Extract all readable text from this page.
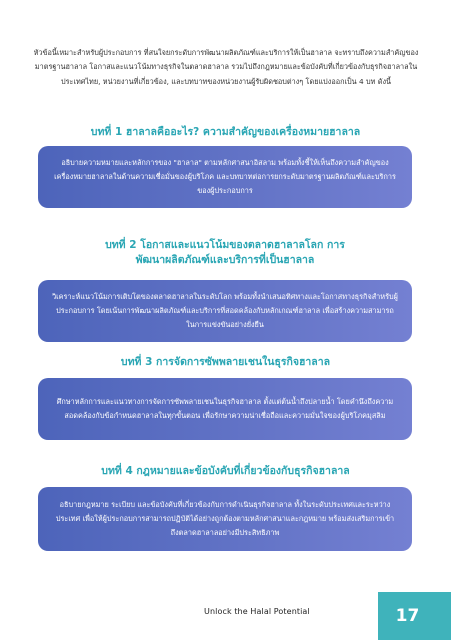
หัวข้อนี้เหมาะสำหรับผู้ประกอบการ ที่สนใจยกระดับการพัฒนาผลิตภัณฑ์และบริการให้เป็นฮาลาล จะทราบถึงความสำคัญของมาตรฐานฮาลาล โอกาสและแนวโน้มทางธุรกิจในตลาดฮาลาล รวมไปถึงกฎหมายและข้อบังคับที่เกี่ยวข้องกับธุรกิจฮาลาลในประเทศไทย, หน่วยงานที่เกี่ยวข้อง, และบทบาทของหน่วยงานผู้รับผิดชอบต่างๆ โดยแบ่งออกเป็น 4 บท ดังนี้

บทที่ 1 ฮาลาลคืออะไร? ความสำคัญของเครื่องหมายฮาลาล

อธิบายความหมายและหลักการของ "ฮาลาล" ตามหลักศาสนาอิสลาม พร้อมทั้งชี้ให้เห็นถึงความสำคัญของเครื่องหมายฮาลาลในด้านความเชื่อมั่นของผู้บริโภค และบทบาทต่อการยกระดับมาตรฐานผลิตภัณฑ์และบริการของผู้ประกอบการ

บทที่ 2 โอกาสและแนวโน้มของตลาดฮาลาลโลก การพัฒนาผลิตภัณฑ์และบริการที่เป็นฮาลาล

วิเคราะห์แนวโน้มการเติบโตของตลาดฮาลาลในระดับโลก พร้อมทั้งนำเสนอทิศทางและโอกาสทางธุรกิจสำหรับผู้ประกอบการ โดยเน้นการพัฒนาผลิตภัณฑ์และบริการที่สอดคล้องกับหลักเกณฑ์ฮาลาล เพื่อสร้างความสามารถในการแข่งขันอย่างยั่งยืน

บทที่ 3 การจัดการซัพพลายเชนในธุรกิจฮาลาล

ศึกษาหลักการและแนวทางการจัดการซัพพลายเชนในธุรกิจฮาลาล ตั้งแต่ต้นน้ำถึงปลายน้ำ โดยคำนึงถึงความสอดคล้องกับข้อกำหนดฮาลาลในทุกขั้นตอน เพื่อรักษาความน่าเชื่อถือและความมั่นใจของผู้บริโภคมุสลิม

บทที่ 4 กฎหมายและข้อบังคับที่เกี่ยวข้องกับธุรกิจฮาลาล

อธิบายกฎหมาย ระเบียบ และข้อบังคับที่เกี่ยวข้องกับการดำเนินธุรกิจฮาลาล ทั้งในระดับประเทศและระหว่างประเทศ เพื่อให้ผู้ประกอบการสามารถปฏิบัติได้อย่างถูกต้องตามหลักศาสนาและกฎหมาย พร้อมส่งเสริมการเข้าถึงตลาดฮาลาลอย่างมีประสิทธิภาพ

Unlock the Halal Potential	17
